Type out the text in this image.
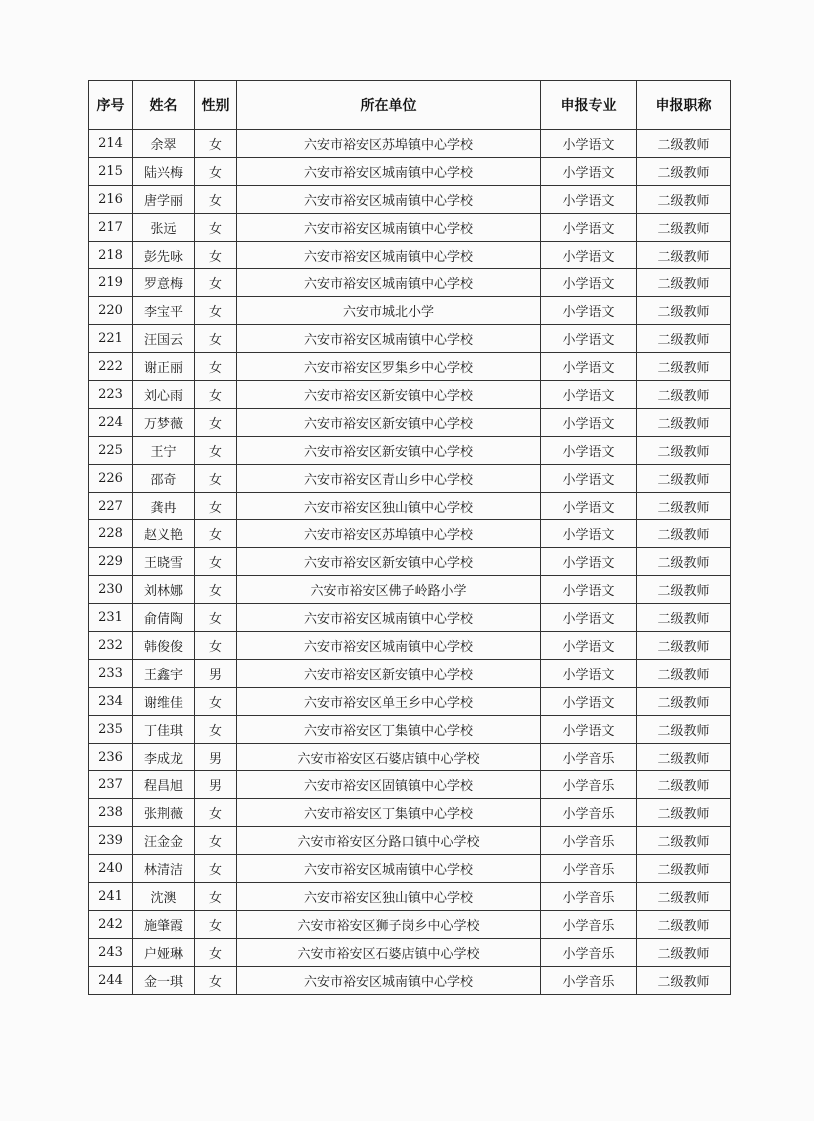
序号	姓名	性别	所在单位	申报专业	申报职称
214	余翠	女	六安市裕安区苏埠镇中心学校	小学语文	二级教师
215	陆兴梅	女	六安市裕安区城南镇中心学校	小学语文	二级教师
216	唐学丽	女	六安市裕安区城南镇中心学校	小学语文	二级教师
217	张远	女	六安市裕安区城南镇中心学校	小学语文	二级教师
218	彭先咏	女	六安市裕安区城南镇中心学校	小学语文	二级教师
219	罗意梅	女	六安市裕安区城南镇中心学校	小学语文	二级教师
220	李宝平	女	六安市城北小学	小学语文	二级教师
221	汪国云	女	六安市裕安区城南镇中心学校	小学语文	二级教师
222	谢正丽	女	六安市裕安区罗集乡中心学校	小学语文	二级教师
223	刘心雨	女	六安市裕安区新安镇中心学校	小学语文	二级教师
224	万梦薇	女	六安市裕安区新安镇中心学校	小学语文	二级教师
225	王宁	女	六安市裕安区新安镇中心学校	小学语文	二级教师
226	邵奇	女	六安市裕安区青山乡中心学校	小学语文	二级教师
227	龚冉	女	六安市裕安区独山镇中心学校	小学语文	二级教师
228	赵义艳	女	六安市裕安区苏埠镇中心学校	小学语文	二级教师
229	王晓雪	女	六安市裕安区新安镇中心学校	小学语文	二级教师
230	刘林娜	女	六安市裕安区佛子岭路小学	小学语文	二级教师
231	俞倩陶	女	六安市裕安区城南镇中心学校	小学语文	二级教师
232	韩俊俊	女	六安市裕安区城南镇中心学校	小学语文	二级教师
233	王鑫宇	男	六安市裕安区新安镇中心学校	小学语文	二级教师
234	谢维佳	女	六安市裕安区单王乡中心学校	小学语文	二级教师
235	丁佳琪	女	六安市裕安区丁集镇中心学校	小学语文	二级教师
236	李成龙	男	六安市裕安区石婆店镇中心学校	小学音乐	二级教师
237	程昌旭	男	六安市裕安区固镇镇中心学校	小学音乐	二级教师
238	张荆薇	女	六安市裕安区丁集镇中心学校	小学音乐	二级教师
239	汪金金	女	六安市裕安区分路口镇中心学校	小学音乐	二级教师
240	林清洁	女	六安市裕安区城南镇中心学校	小学音乐	二级教师
241	沈澳	女	六安市裕安区独山镇中心学校	小学音乐	二级教师
242	施肇霞	女	六安市裕安区狮子岗乡中心学校	小学音乐	二级教师
243	户娅琳	女	六安市裕安区石婆店镇中心学校	小学音乐	二级教师
244	金一琪	女	六安市裕安区城南镇中心学校	小学音乐	二级教师
